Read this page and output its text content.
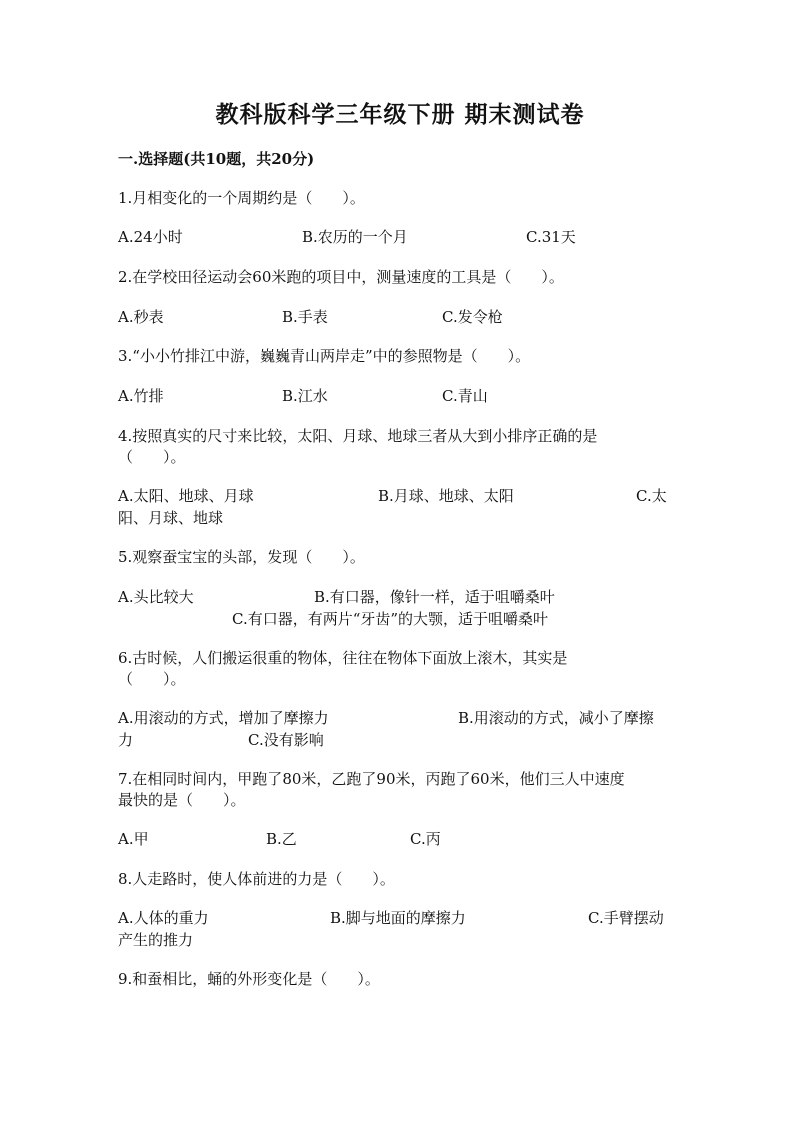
教科版科学三年级下册 期末测试卷
一.选择题(共10题，共20分)
1.月相变化的一个周期约是（　　）。
A.24小时	B.农历的一个月	C.31天
2.在学校田径运动会60米跑的项目中，测量速度的工具是（　　）。
A.秒表	B.手表	C.发令枪
3.“小小竹排江中游，巍巍青山两岸走”中的参照物是（　　）。
A.竹排	B.江水	C.青山
4.按照真实的尺寸来比较，太阳、月球、地球三者从大到小排序正确的是
（　　）。
A.太阳、地球、月球	B.月球、地球、太阳	C.太
阳、月球、地球
5.观察蚕宝宝的头部，发现（　　）。
A.头比较大	B.有口器，像针一样，适于咀嚼桑叶
C.有口器，有两片“牙齿”的大颚，适于咀嚼桑叶
6.古时候，人们搬运很重的物体，往往在物体下面放上滚木，其实是
（　　）。
A.用滚动的方式，增加了摩擦力	B.用滚动的方式，减小了摩擦
力	C.没有影响
7.在相同时间内，甲跑了80米，乙跑了90米，丙跑了60米，他们三人中速度
最快的是（　　）。
A.甲	B.乙	C.丙
8.人走路时，使人体前进的力是（　　）。
A.人体的重力	B.脚与地面的摩擦力	C.手臂摆动
产生的推力
9.和蚕相比，蛹的外形变化是（　　）。
